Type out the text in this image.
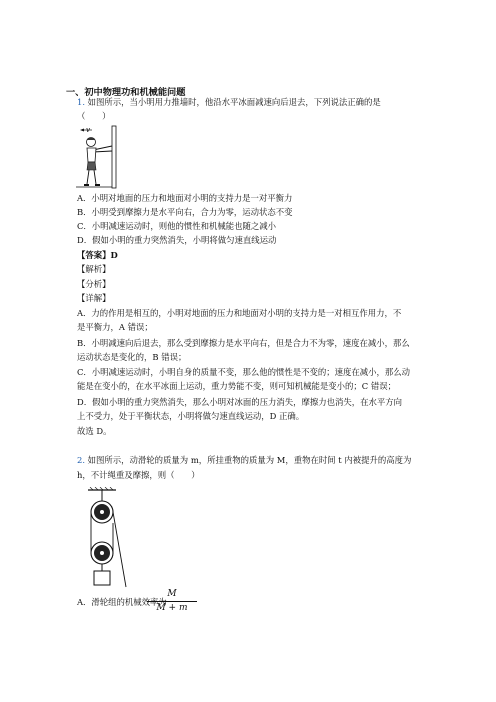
一、初中物理功和机械能问题
1. 如图所示，当小明用力推墙时，他沿水平冰面减速向后退去，下列说法正确的是
（　　）
v
A．小明对地面的压力和地面对小明的支持力是一对平衡力
B．小明受到摩擦力是水平向右，合力为零，运动状态不变
C．小明减速运动时，则他的惯性和机械能也随之减小
D．假如小明的重力突然消失，小明将做匀速直线运动
【答案】D
【解析】
【分析】
【详解】
A．力的作用是相互的，小明对地面的压力和地面对小明的支持力是一对相互作用力，不
是平衡力，A 错误；
B．小明减速向后退去，那么受到摩擦力是水平向右，但是合力不为零，速度在减小，那么
运动状态是变化的，B 错误；
C．小明减速运动时，小明自身的质量不变，那么他的惯性是不变的；速度在减小，那么动
能是在变小的，在水平冰面上运动，重力势能不变，则可知机械能是变小的；C 错误；
D．假如小明的重力突然消失，那么小明对冰面的压力消失，摩擦力也消失，在水平方向
上不受力，处于平衡状态，小明将做匀速直线运动，D 正确。
故选 D。
2. 如图所示，动滑轮的质量为 m，所挂重物的质量为 M，重物在时间 t 内被提升的高度为
h，不计绳重及摩擦，则（　　）
A．滑轮组的机械效率为
M
M + m
